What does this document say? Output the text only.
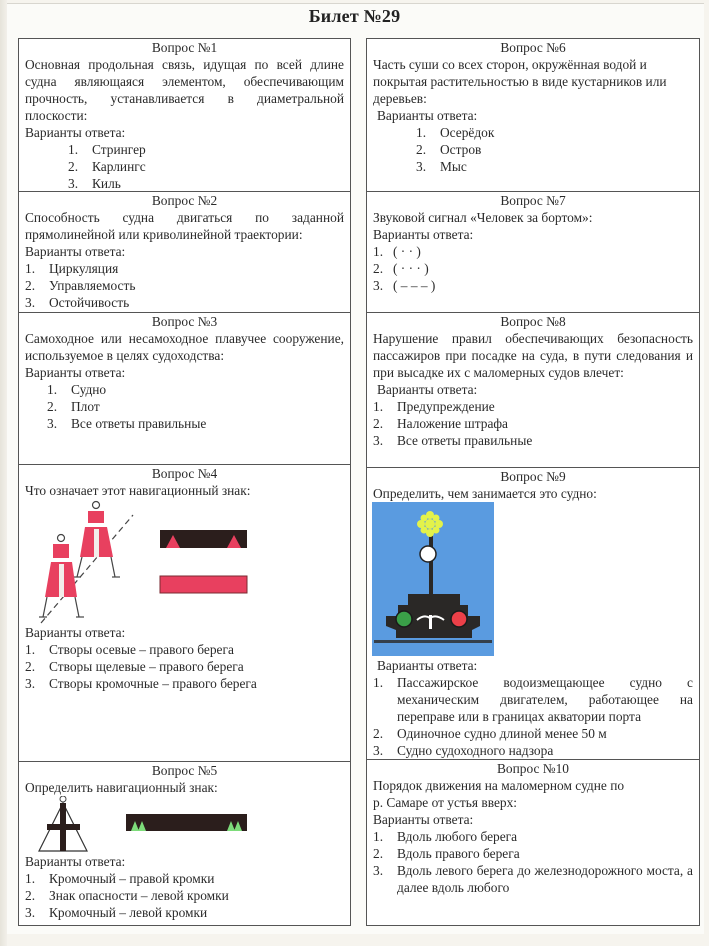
Билет №29
Вопрос №1
Основная продольная связь, идущая по всей длине судна являющаяся элементом, обеспечивающим прочность, устанавливается в диаметральной плоскости:
Варианты ответа:
1.	Стрингер
2.	Карлингс
3.	Киль
Вопрос №2
Способность судна двигаться по заданной прямолинейной или криволинейной траектории:
Варианты ответа:
1.	Циркуляция
2.	Управляемость
3.	Остойчивость
Вопрос №3
Самоходное или несамоходное плавучее сооружение, используемое в целях судоходства:
Варианты ответа:
1.	Судно
2.	Плот
3.	Все ответы правильные
Вопрос №4
Что означает этот навигационный знак:
Варианты ответа:
1.	Створы осевые – правого берега
2.	Створы щелевые – правого берега
3.	Створы кромочные – правого берега
Вопрос №5
Определить навигационный знак:
Варианты ответа:
1.	Кромочный – правой кромки
2.	Знак опасности – левой кромки
3.	Кромочный – левой кромки
Вопрос №6
Часть суши со всех сторон, окружённая водой и покрытая растительностью в виде кустарников или деревьев:
Варианты ответа:
1.	Осерёдок
2.	Остров
3.	Мыс
Вопрос №7
Звуковой сигнал «Человек за бортом»:
Варианты ответа:
1. ( · · )
2. ( · · · )
3. ( – – – )
Вопрос №8
Нарушение правил обеспечивающих безопасность пассажиров при посадке на суда, в пути следования и при высадке их с маломерных судов влечет:
Варианты ответа:
1.	Предупреждение
2.	Наложение штрафа
3.	Все ответы правильные
Вопрос №9
Определить, чем занимается это судно:
Варианты ответа:
1.	Пассажирское водоизмещающее судно с механическим двигателем, работающее на переправе или в границах акватории порта
2.	Одиночное судно длиной менее 50 м
3.	Судно судоходного надзора
Вопрос №10
Порядок движения на маломерном судне по
р. Самаре от устья вверх:
Варианты ответа:
1.	Вдоль любого берега
2.	Вдоль правого берега
3.	Вдоль левого берега до железнодорожного моста, а далее вдоль любого
